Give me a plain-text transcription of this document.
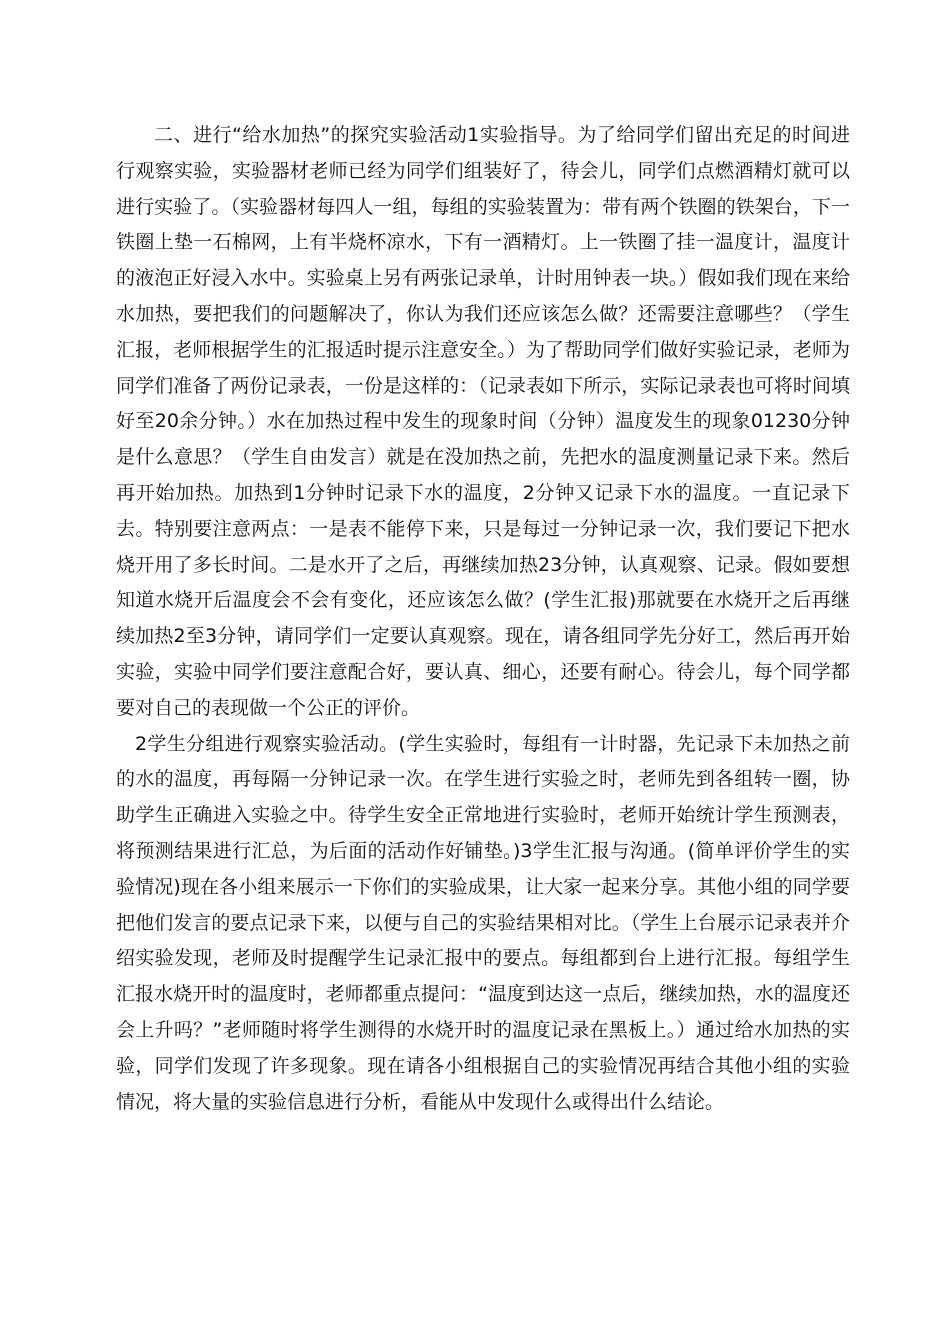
二、进行“给水加热”的探究实验活动1实验指导。为了给同学们留出充足的时间进行观察实验，实验器材老师已经为同学们组装好了，待会儿，同学们点燃酒精灯就可以进行实验了。（实验器材每四人一组，每组的实验装置为：带有两个铁圈的铁架台，下一铁圈上垫一石棉网，上有半烧杯凉水，下有一酒精灯。上一铁圈了挂一温度计，温度计的液泡正好浸入水中。实验桌上另有两张记录单，计时用钟表一块。）假如我们现在来给水加热，要把我们的问题解决了，你认为我们还应该怎么做？还需要注意哪些？（学生汇报，老师根据学生的汇报适时提示注意安全。）为了帮助同学们做好实验记录，老师为同学们准备了两份记录表，一份是这样的：（记录表如下所示，实际记录表也可将时间填好至20余分钟。）水在加热过程中发生的现象时间（分钟）温度发生的现象01230分钟是什么意思？（学生自由发言）就是在没加热之前，先把水的温度测量记录下来。然后再开始加热。加热到1分钟时记录下水的温度，2分钟又记录下水的温度。一直记录下去。特别要注意两点：一是表不能停下来，只是每过一分钟记录一次，我们要记下把水烧开用了多长时间。二是水开了之后，再继续加热23分钟，认真观察、记录。假如要想知道水烧开后温度会不会有变化，还应该怎么做？(学生汇报)那就要在水烧开之后再继续加热2至3分钟，请同学们一定要认真观察。现在，请各组同学先分好工，然后再开始实验，实验中同学们要注意配合好，要认真、细心，还要有耐心。待会儿，每个同学都要对自己的表现做一个公正的评价。

2学生分组进行观察实验活动。(学生实验时，每组有一计时器，先记录下未加热之前的水的温度，再每隔一分钟记录一次。在学生进行实验之时，老师先到各组转一圈，协助学生正确进入实验之中。待学生安全正常地进行实验时，老师开始统计学生预测表，将预测结果进行汇总，为后面的活动作好铺垫。)3学生汇报与沟通。(简单评价学生的实验情况)现在各小组来展示一下你们的实验成果，让大家一起来分享。其他小组的同学要把他们发言的要点记录下来，以便与自己的实验结果相对比。（学生上台展示记录表并介绍实验发现，老师及时提醒学生记录汇报中的要点。每组都到台上进行汇报。每组学生汇报水烧开时的温度时，老师都重点提问：“温度到达这一点后，继续加热，水的温度还会上升吗？”老师随时将学生测得的水烧开时的温度记录在黑板上。）通过给水加热的实验，同学们发现了许多现象。现在请各小组根据自己的实验情况再结合其他小组的实验情况，将大量的实验信息进行分析，看能从中发现什么或得出什么结论。
